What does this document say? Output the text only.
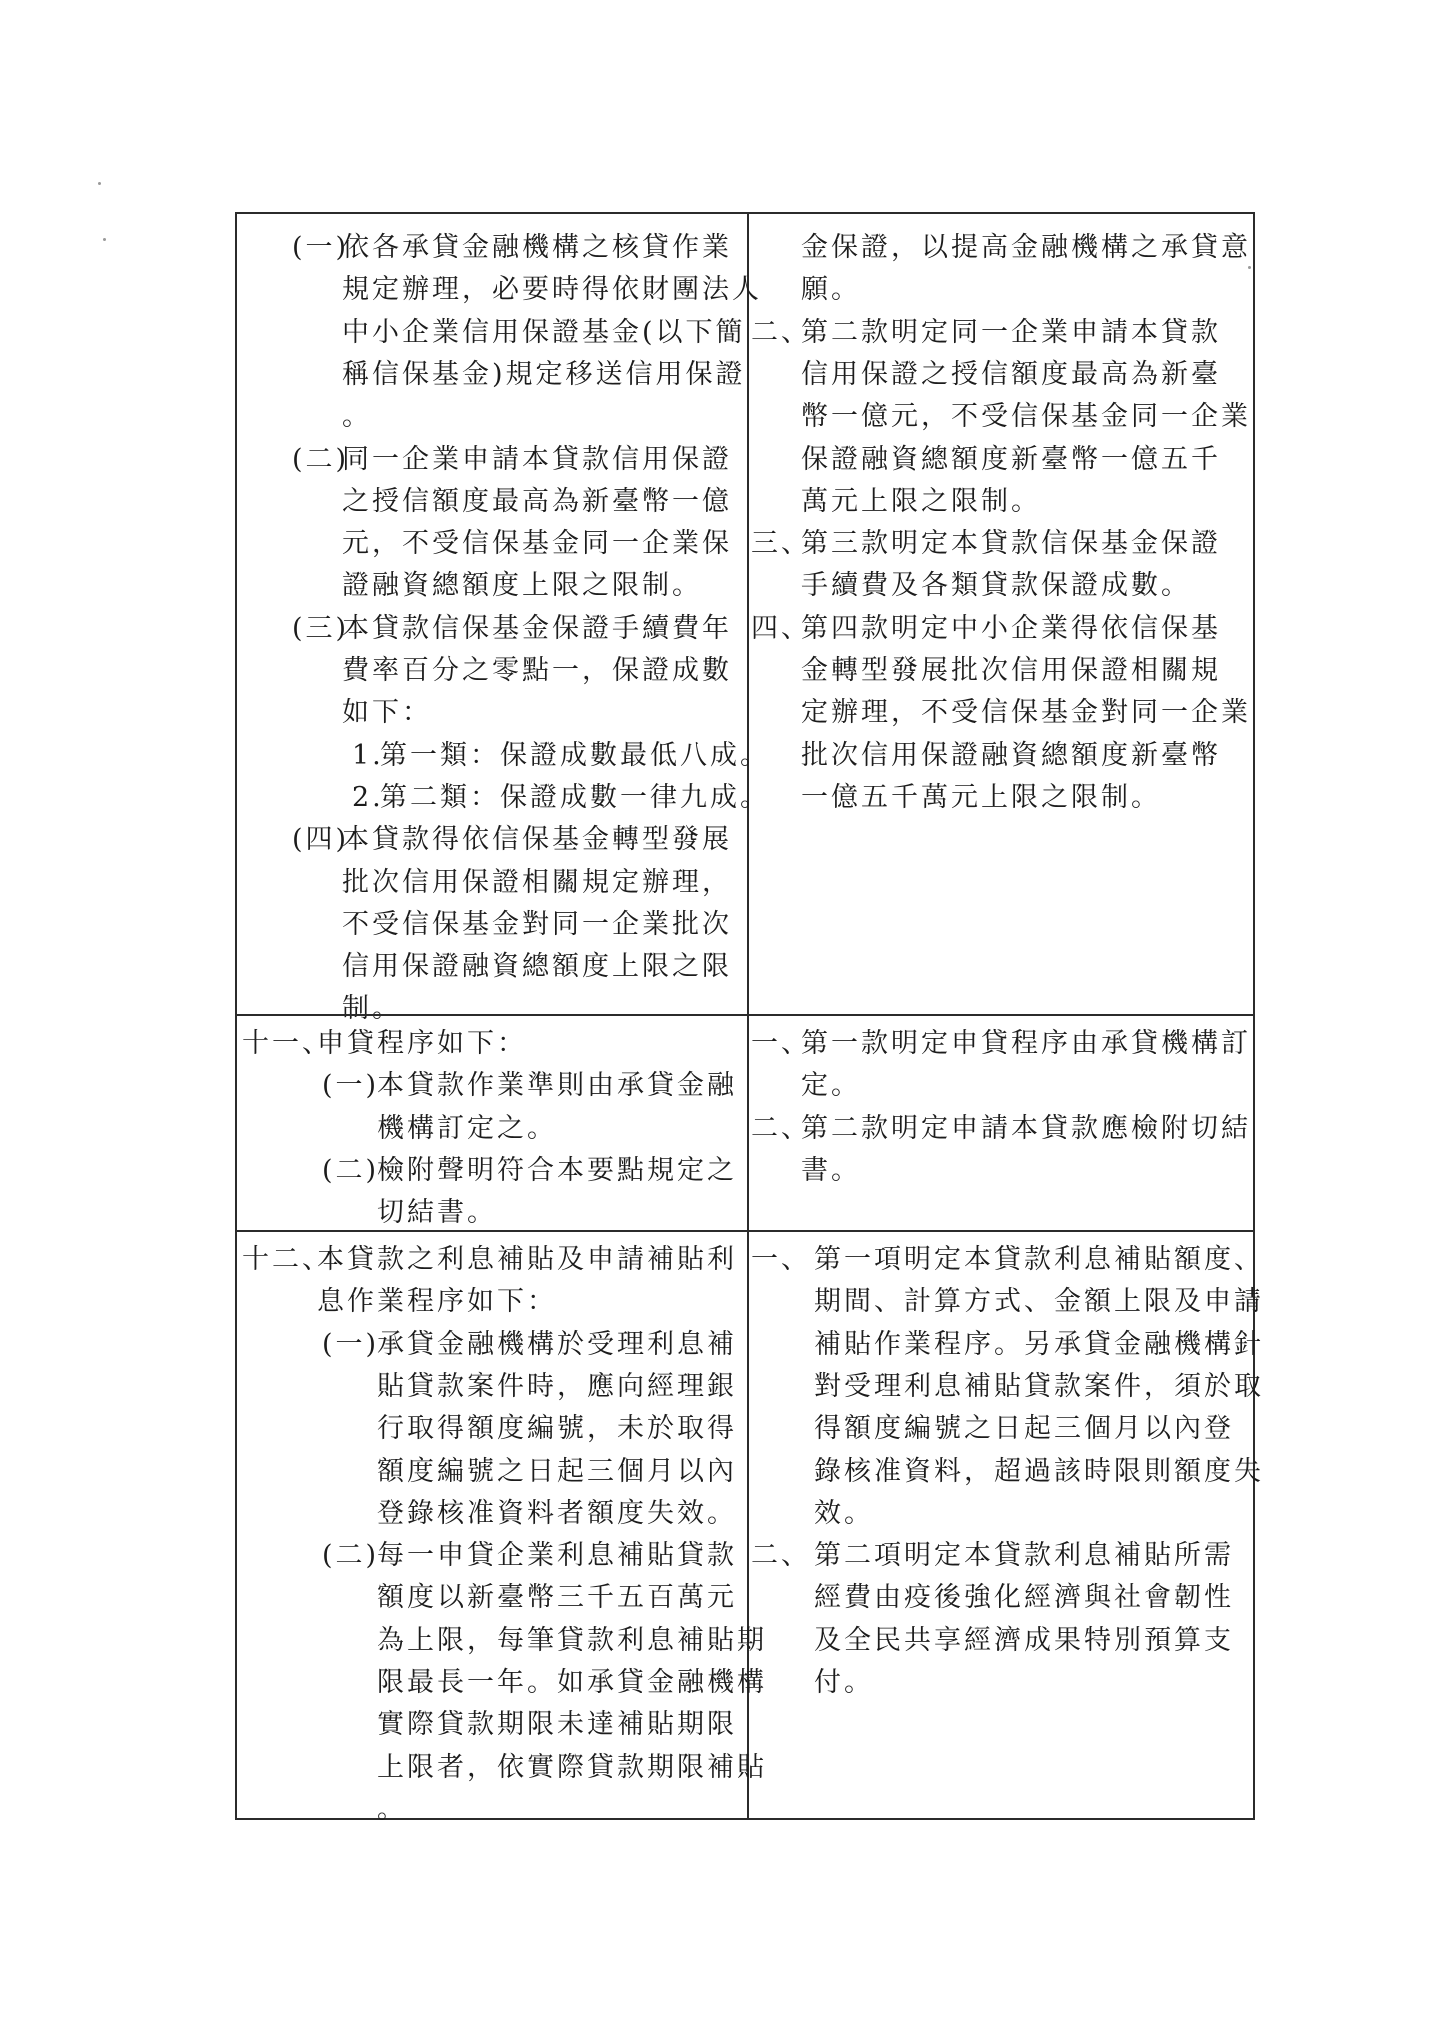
(一)
依各承貸金融機構之核貸作業
規定辦理，必要時得依財團法人
中小企業信用保證基金(以下簡
稱信保基金)規定移送信用保證
。
(二)
同一企業申請本貸款信用保證
之授信額度最高為新臺幣一億
元，不受信保基金同一企業保
證融資總額度上限之限制。
(三)
本貸款信保基金保證手續費年
費率百分之零點一，保證成數
如下：
1.
第一類：保證成數最低八成。
2.
第二類：保證成數一律九成。
(四)
本貸款得依信保基金轉型發展
批次信用保證相關規定辦理，
不受信保基金對同一企業批次
信用保證融資總額度上限之限
制。
金保證，以提高金融機構之承貸意
願。
二、
第二款明定同一企業申請本貸款
信用保證之授信額度最高為新臺
幣一億元，不受信保基金同一企業
保證融資總額度新臺幣一億五千
萬元上限之限制。
三、
第三款明定本貸款信保基金保證
手續費及各類貸款保證成數。
四、
第四款明定中小企業得依信保基
金轉型發展批次信用保證相關規
定辦理，不受信保基金對同一企業
批次信用保證融資總額度新臺幣
一億五千萬元上限之限制。
十一、
申貸程序如下：
(一)
本貸款作業準則由承貸金融
機構訂定之。
(二)
檢附聲明符合本要點規定之
切結書。
一、
第一款明定申貸程序由承貸機構訂
定。
二、
第二款明定申請本貸款應檢附切結
書。
十二、
本貸款之利息補貼及申請補貼利
息作業程序如下：
(一)
承貸金融機構於受理利息補
貼貸款案件時，應向經理銀
行取得額度編號，未於取得
額度編號之日起三個月以內
登錄核准資料者額度失效。
(二)
每一申貸企業利息補貼貸款
額度以新臺幣三千五百萬元
為上限，每筆貸款利息補貼期
限最長一年。如承貸金融機構
實際貸款期限未達補貼期限
上限者，依實際貸款期限補貼
。
一、 第一項明定本貸款利息補貼額度、
期間、計算方式、金額上限及申請
補貼作業程序。另承貸金融機構針
對受理利息補貼貸款案件，須於取
得額度編號之日起三個月以內登
錄核准資料，超過該時限則額度失
效。
二、 第二項明定本貸款利息補貼所需
經費由疫後強化經濟與社會韌性
及全民共享經濟成果特別預算支
付。
